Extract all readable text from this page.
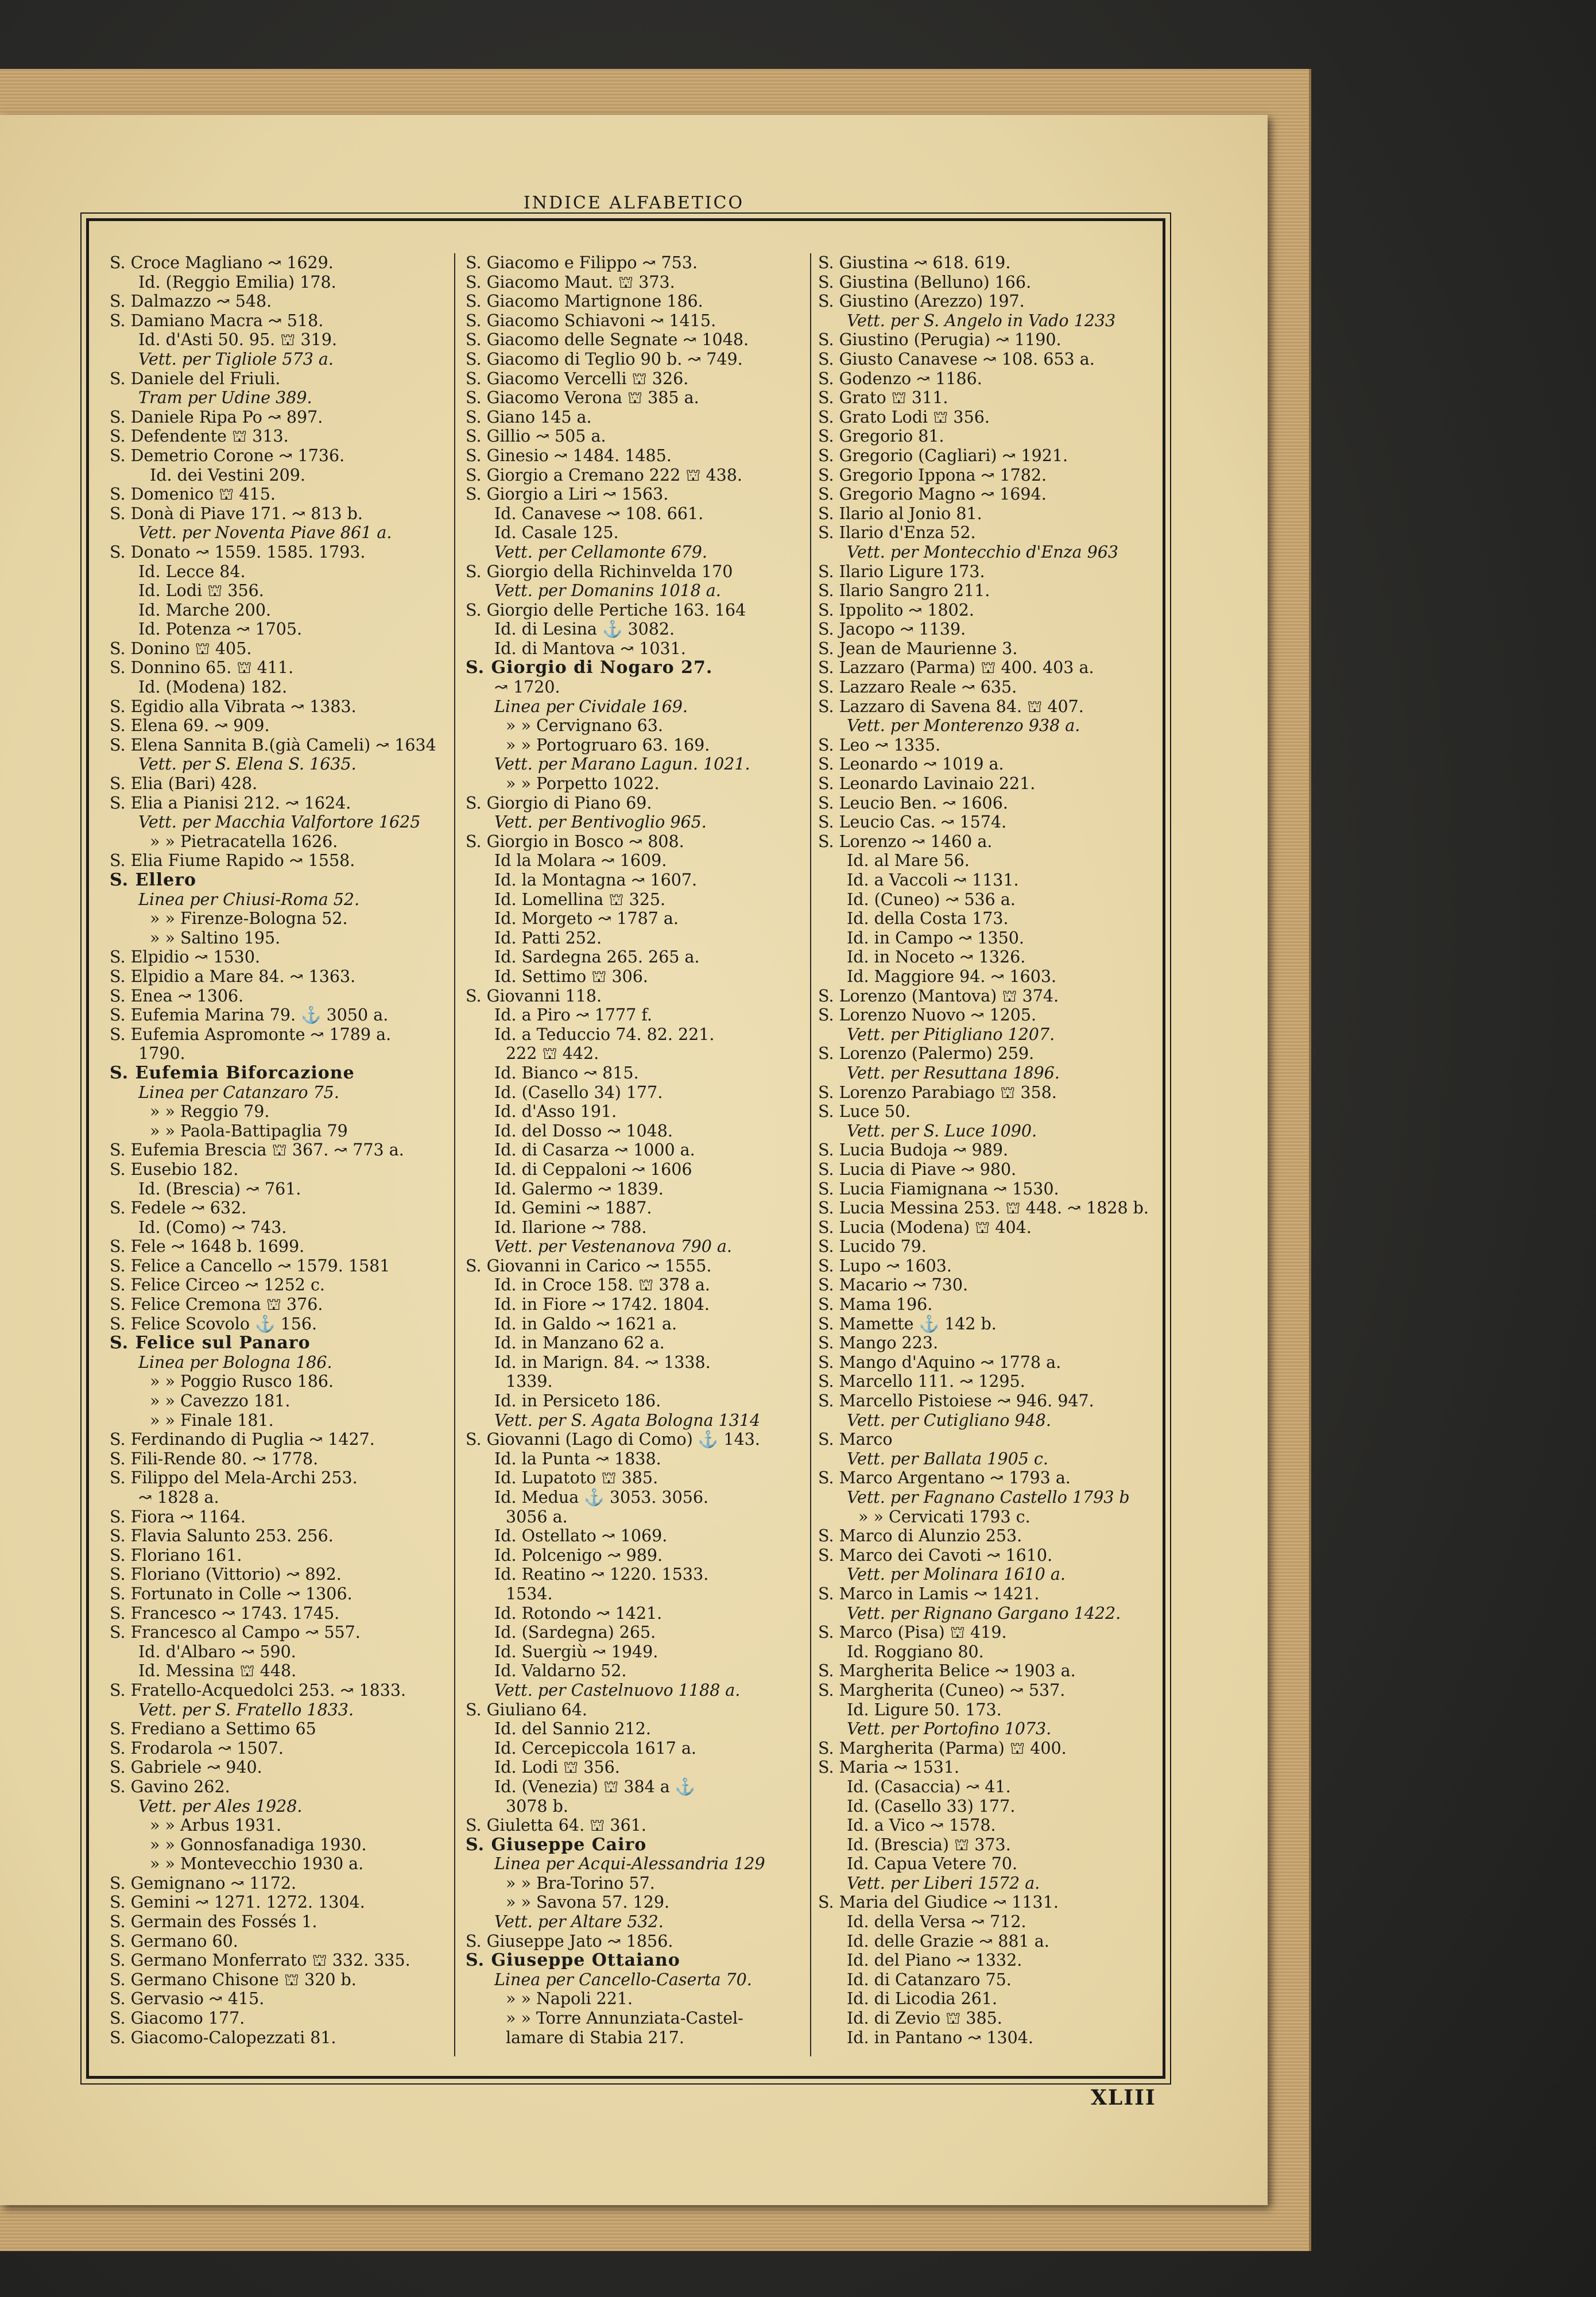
INDICE ALFABETICO
S. Croce Magliano ↝ 1629.
Id. (Reggio Emilia) 178.
S. Dalmazzo ↝ 548.
S. Damiano Macra ↝ 518.
Id. d'Asti 50. 95. ⛫ 319.
Vett. per Tigliole 573 a.
S. Daniele del Friuli.
Tram per Udine 389.
S. Daniele Ripa Po ↝ 897.
S. Defendente ⛫ 313.
S. Demetrio Corone ↝ 1736.
Id. dei Vestini 209.
S. Domenico ⛫ 415.
S. Donà di Piave 171. ↝ 813 b.
Vett. per Noventa Piave 861 a.
S. Donato ↝ 1559. 1585. 1793.
Id. Lecce 84.
Id. Lodi ⛫ 356.
Id. Marche 200.
Id. Potenza ↝ 1705.
S. Donino ⛫ 405.
S. Donnino 65. ⛫ 411.
Id. (Modena) 182.
S. Egidio alla Vibrata ↝ 1383.
S. Elena 69. ↝ 909.
S. Elena Sannita B.(già Cameli) ↝ 1634
Vett. per S. Elena S. 1635.
S. Elia (Bari) 428.
S. Elia a Pianisi 212. ↝ 1624.
Vett. per Macchia Valfortore 1625
» » Pietracatella 1626.
S. Elia Fiume Rapido ↝ 1558.
S. Ellero
Linea per Chiusi-Roma 52.
» » Firenze-Bologna 52.
» » Saltino 195.
S. Elpidio ↝ 1530.
S. Elpidio a Mare 84. ↝ 1363.
S. Enea ↝ 1306.
S. Eufemia Marina 79. ⚓ 3050 a.
S. Eufemia Aspromonte ↝ 1789 a.
1790.
S. Eufemia Biforcazione
Linea per Catanzaro 75.
» » Reggio 79.
» » Paola-Battipaglia 79
S. Eufemia Brescia ⛫ 367. ↝ 773 a.
S. Eusebio 182.
Id. (Brescia) ↝ 761.
S. Fedele ↝ 632.
Id. (Como) ↝ 743.
S. Fele ↝ 1648 b. 1699.
S. Felice a Cancello ↝ 1579. 1581
S. Felice Circeo ↝ 1252 c.
S. Felice Cremona ⛫ 376.
S. Felice Scovolo ⚓ 156.
S. Felice sul Panaro
Linea per Bologna 186.
» » Poggio Rusco 186.
» » Cavezzo 181.
» » Finale 181.
S. Ferdinando di Puglia ↝ 1427.
S. Fili-Rende 80. ↝ 1778.
S. Filippo del Mela-Archi 253.
↝ 1828 a.
S. Fiora ↝ 1164.
S. Flavia Salunto 253. 256.
S. Floriano 161.
S. Floriano (Vittorio) ↝ 892.
S. Fortunato in Colle ↝ 1306.
S. Francesco ↝ 1743. 1745.
S. Francesco al Campo ↝ 557.
Id. d'Albaro ↝ 590.
Id. Messina ⛫ 448.
S. Fratello-Acquedolci 253. ↝ 1833.
Vett. per S. Fratello 1833.
S. Frediano a Settimo 65
S. Frodarola ↝ 1507.
S. Gabriele ↝ 940.
S. Gavino 262.
Vett. per Ales 1928.
» » Arbus 1931.
» » Gonnosfanadiga 1930.
» » Montevecchio 1930 a.
S. Gemignano ↝ 1172.
S. Gemini ↝ 1271. 1272. 1304.
S. Germain des Fossés 1.
S. Germano 60.
S. Germano Monferrato ⛫ 332. 335.
S. Germano Chisone ⛫ 320 b.
S. Gervasio ↝ 415.
S. Giacomo 177.
S. Giacomo-Calopezzati 81.
S. Giacomo e Filippo ↝ 753.
S. Giacomo Maut. ⛫ 373.
S. Giacomo Martignone 186.
S. Giacomo Schiavoni ↝ 1415.
S. Giacomo delle Segnate ↝ 1048.
S. Giacomo di Teglio 90 b. ↝ 749.
S. Giacomo Vercelli ⛫ 326.
S. Giacomo Verona ⛫ 385 a.
S. Giano 145 a.
S. Gillio ↝ 505 a.
S. Ginesio ↝ 1484. 1485.
S. Giorgio a Cremano 222 ⛫ 438.
S. Giorgio a Liri ↝ 1563.
Id. Canavese ↝ 108. 661.
Id. Casale 125.
Vett. per Cellamonte 679.
S. Giorgio della Richinvelda 170
Vett. per Domanins 1018 a.
S. Giorgio delle Pertiche 163. 164
Id. di Lesina ⚓ 3082.
Id. di Mantova ↝ 1031.
S. Giorgio di Nogaro 27.
↝ 1720.
Linea per Cividale 169.
» » Cervignano 63.
» » Portogruaro 63. 169.
Vett. per Marano Lagun. 1021.
» » Porpetto 1022.
S. Giorgio di Piano 69.
Vett. per Bentivoglio 965.
S. Giorgio in Bosco ↝ 808.
Id la Molara ↝ 1609.
Id. la Montagna ↝ 1607.
Id. Lomellina ⛫ 325.
Id. Morgeto ↝ 1787 a.
Id. Patti 252.
Id. Sardegna 265. 265 a.
Id. Settimo ⛫ 306.
S. Giovanni 118.
Id. a Piro ↝ 1777 f.
Id. a Teduccio 74. 82. 221.
222 ⛫ 442.
Id. Bianco ↝ 815.
Id. (Casello 34) 177.
Id. d'Asso 191.
Id. del Dosso ↝ 1048.
Id. di Casarza ↝ 1000 a.
Id. di Ceppaloni ↝ 1606
Id. Galermo ↝ 1839.
Id. Gemini ↝ 1887.
Id. Ilarione ↝ 788.
Vett. per Vestenanova 790 a.
S. Giovanni in Carico ↝ 1555.
Id. in Croce 158. ⛫ 378 a.
Id. in Fiore ↝ 1742. 1804.
Id. in Galdo ↝ 1621 a.
Id. in Manzano 62 a.
Id. in Marign. 84. ↝ 1338.
1339.
Id. in Persiceto 186.
Vett. per S. Agata Bologna 1314
S. Giovanni (Lago di Como) ⚓ 143.
Id. la Punta ↝ 1838.
Id. Lupatoto ⛫ 385.
Id. Medua ⚓ 3053. 3056.
3056 a.
Id. Ostellato ↝ 1069.
Id. Polcenigo ↝ 989.
Id. Reatino ↝ 1220. 1533.
1534.
Id. Rotondo ↝ 1421.
Id. (Sardegna) 265.
Id. Suergiù ↝ 1949.
Id. Valdarno 52.
Vett. per Castelnuovo 1188 a.
S. Giuliano 64.
Id. del Sannio 212.
Id. Cercepiccola 1617 a.
Id. Lodi ⛫ 356.
Id. (Venezia) ⛫ 384 a ⚓
3078 b.
S. Giuletta 64. ⛫ 361.
S. Giuseppe Cairo
Linea per Acqui-Alessandria 129
» » Bra-Torino 57.
» » Savona 57. 129.
Vett. per Altare 532.
S. Giuseppe Jato ↝ 1856.
S. Giuseppe Ottaiano
Linea per Cancello-Caserta 70.
» » Napoli 221.
» » Torre Annunziata-Castel-
lamare di Stabia 217.
S. Giustina ↝ 618. 619.
S. Giustina (Belluno) 166.
S. Giustino (Arezzo) 197.
Vett. per S. Angelo in Vado 1233
S. Giustino (Perugia) ↝ 1190.
S. Giusto Canavese ↝ 108. 653 a.
S. Godenzo ↝ 1186.
S. Grato ⛫ 311.
S. Grato Lodi ⛫ 356.
S. Gregorio 81.
S. Gregorio (Cagliari) ↝ 1921.
S. Gregorio Ippona ↝ 1782.
S. Gregorio Magno ↝ 1694.
S. Ilario al Jonio 81.
S. Ilario d'Enza 52.
Vett. per Montecchio d'Enza 963
S. Ilario Ligure 173.
S. Ilario Sangro 211.
S. Ippolito ↝ 1802.
S. Jacopo ↝ 1139.
S. Jean de Maurienne 3.
S. Lazzaro (Parma) ⛫ 400. 403 a.
S. Lazzaro Reale ↝ 635.
S. Lazzaro di Savena 84. ⛫ 407.
Vett. per Monterenzo 938 a.
S. Leo ↝ 1335.
S. Leonardo ↝ 1019 a.
S. Leonardo Lavinaio 221.
S. Leucio Ben. ↝ 1606.
S. Leucio Cas. ↝ 1574.
S. Lorenzo ↝ 1460 a.
Id. al Mare 56.
Id. a Vaccoli ↝ 1131.
Id. (Cuneo) ↝ 536 a.
Id. della Costa 173.
Id. in Campo ↝ 1350.
Id. in Noceto ↝ 1326.
Id. Maggiore 94. ↝ 1603.
S. Lorenzo (Mantova) ⛫ 374.
S. Lorenzo Nuovo ↝ 1205.
Vett. per Pitigliano 1207.
S. Lorenzo (Palermo) 259.
Vett. per Resuttana 1896.
S. Lorenzo Parabiago ⛫ 358.
S. Luce 50.
Vett. per S. Luce 1090.
S. Lucia Budoja ↝ 989.
S. Lucia di Piave ↝ 980.
S. Lucia Fiamignana ↝ 1530.
S. Lucia Messina 253. ⛫ 448. ↝ 1828 b.
S. Lucia (Modena) ⛫ 404.
S. Lucido 79.
S. Lupo ↝ 1603.
S. Macario ↝ 730.
S. Mama 196.
S. Mamette ⚓ 142 b.
S. Mango 223.
S. Mango d'Aquino ↝ 1778 a.
S. Marcello 111. ↝ 1295.
S. Marcello Pistoiese ↝ 946. 947.
Vett. per Cutigliano 948.
S. Marco
Vett. per Ballata 1905 c.
S. Marco Argentano ↝ 1793 a.
Vett. per Fagnano Castello 1793 b
» » Cervicati 1793 c.
S. Marco di Alunzio 253.
S. Marco dei Cavoti ↝ 1610.
Vett. per Molinara 1610 a.
S. Marco in Lamis ↝ 1421.
Vett. per Rignano Gargano 1422.
S. Marco (Pisa) ⛫ 419.
Id. Roggiano 80.
S. Margherita Belice ↝ 1903 a.
S. Margherita (Cuneo) ↝ 537.
Id. Ligure 50. 173.
Vett. per Portofino 1073.
S. Margherita (Parma) ⛫ 400.
S. Maria ↝ 1531.
Id. (Casaccia) ↝ 41.
Id. (Casello 33) 177.
Id. a Vico ↝ 1578.
Id. (Brescia) ⛫ 373.
Id. Capua Vetere 70.
Vett. per Liberi 1572 a.
S. Maria del Giudice ↝ 1131.
Id. della Versa ↝ 712.
Id. delle Grazie ↝ 881 a.
Id. del Piano ↝ 1332.
Id. di Catanzaro 75.
Id. di Licodia 261.
Id. di Zevio ⛫ 385.
Id. in Pantano ↝ 1304.
XLIII
